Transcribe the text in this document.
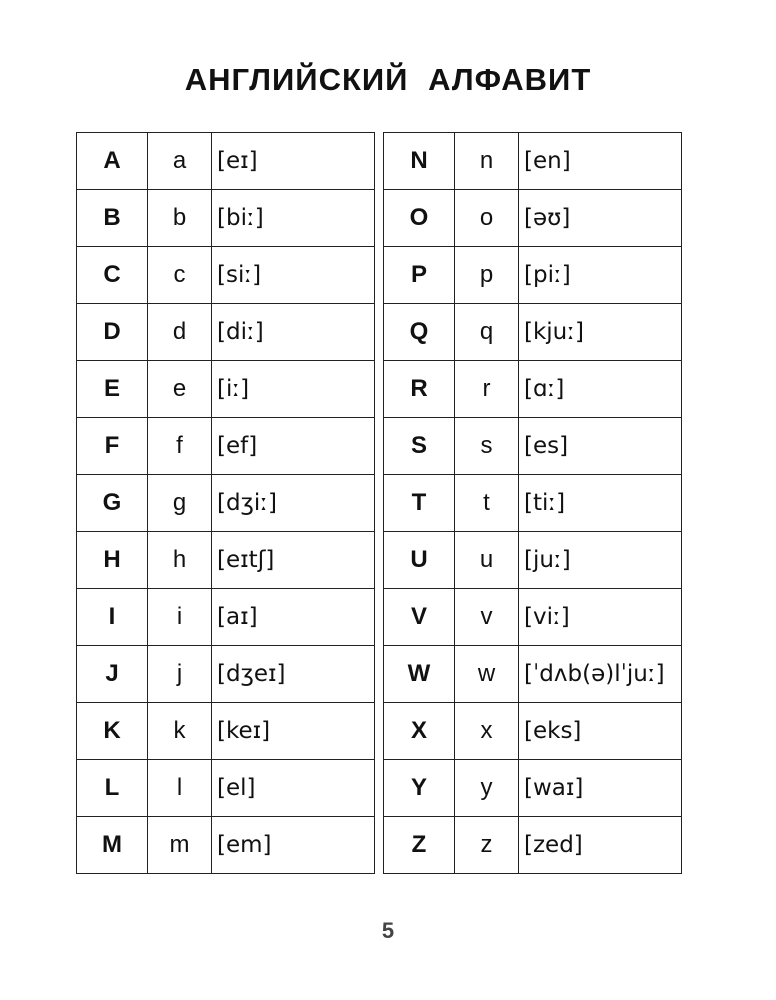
АНГЛИЙСКИЙ АЛФАВИТ
A	a	[eɪ]
B	b	[biː]
C	c	[siː]
D	d	[diː]
E	e	[iː]
F	f	[ef]
G	g	[dʒiː]
H	h	[eɪtʃ]
I	i	[aɪ]
J	j	[dʒeɪ]
K	k	[keɪ]
L	l	[el]
M	m	[em]
N	n	[en]
O	o	[əʊ]
P	p	[piː]
Q	q	[kjuː]
R	r	[ɑː]
S	s	[es]
T	t	[tiː]
U	u	[juː]
V	v	[viː]
W	w	[ˈdʌb(ə)lˈjuː]
X	x	[eks]
Y	y	[waɪ]
Z	z	[zed]
5
